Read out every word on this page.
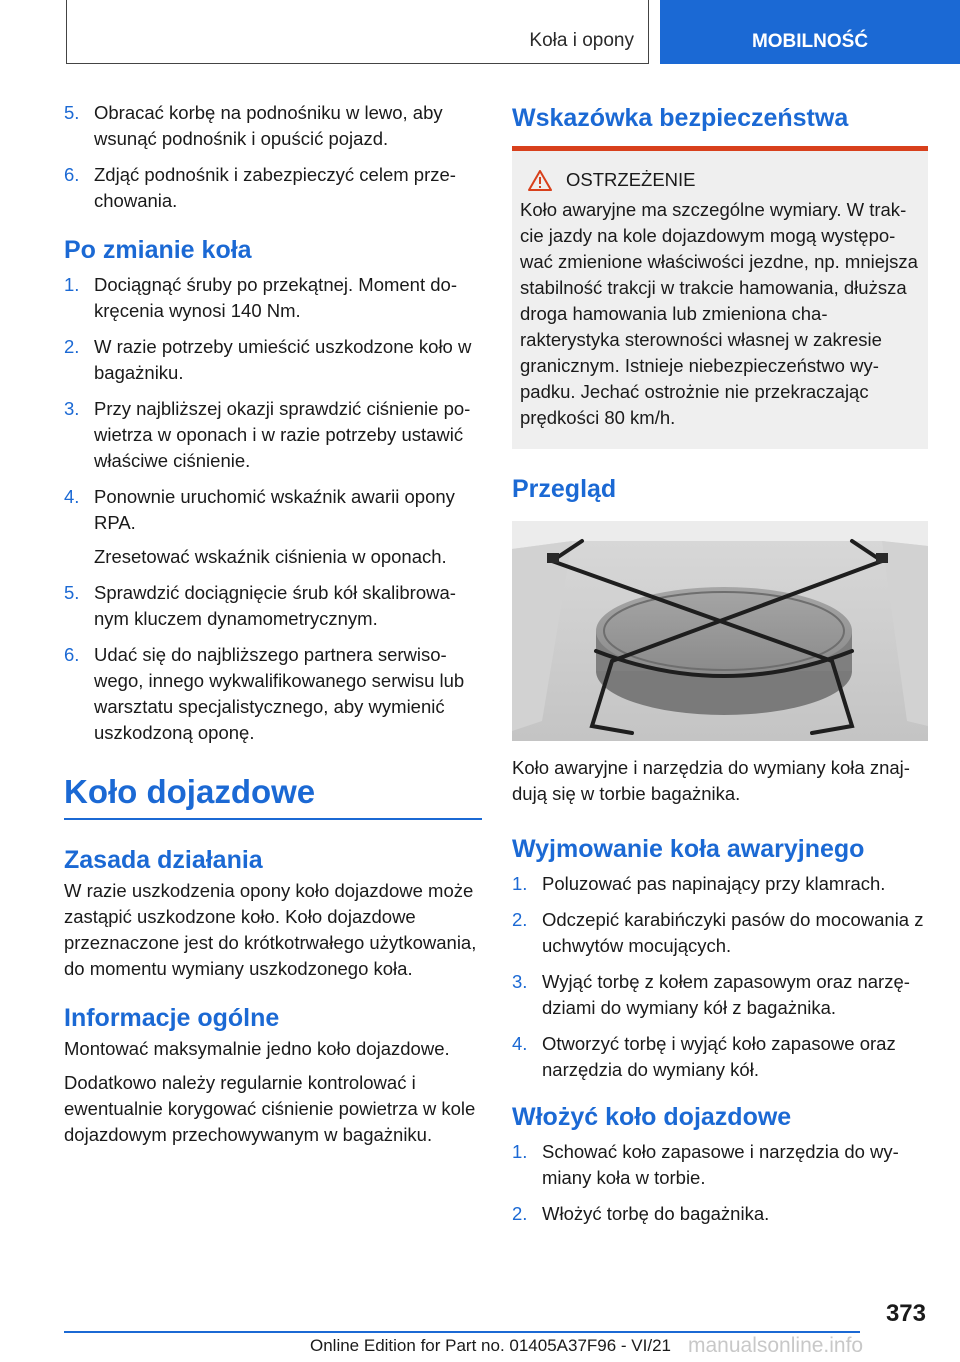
Koła i opony	MOBILNOŚĆ
5. Obracać korbę na podnośniku w lewo, aby wsunąć podnośnik i opuścić pojazd.
6. Zdjąć podnośnik i zabezpieczyć celem przechowania.
Po zmianie koła
1. Dociągnąć śruby po przekątnej. Moment dokręcenia wynosi 140 Nm.
2. W razie potrzeby umieścić uszkodzone koło w bagażniku.
3. Przy najbliższej okazji sprawdzić ciśnienie powietrza w oponach i w razie potrzeby ustawić właściwe ciśnienie.
4. Ponownie uruchomić wskaźnik awarii opony RPA.

Zresetować wskaźnik ciśnienia w oponach.

5. Sprawdzić dociągnięcie śrub kół skalibrowanym kluczem dynamometrycznym.
6. Udać się do najbliższego partnera serwisowego, innego wykwalifikowanego serwisu lub warsztatu specjalistycznego, aby wymienić uszkodzoną oponę.
Koło dojazdowe
Zasada działania

W razie uszkodzenia opony koło dojazdowe może zastąpić uszkodzone koło. Koło dojazdowe przeznaczone jest do krótkotrwałego użytkowania, do momentu wymiany uszkodzonego koła.

Informacje ogólne

Montować maksymalnie jedno koło dojazdowe.

Dodatkowo należy regularnie kontrolować i ewentualnie korygować ciśnienie powietrza w kole dojazdowym przechowywanym w bagażniku.

Wskazówka bezpieczeństwa
OSTRZEŻENIE

Koło awaryjne ma szczególne wymiary. W trakcie jazdy na kole dojazdowym mogą występować zmienione właściwości jezdne, np. mniejsza stabilność trakcji w trakcie hamowania, dłuższa droga hamowania lub zmieniona charakterystyka sterowności własnej w zakresie granicznym. Istnieje niebezpieczeństwo wypadku. Jechać ostrożnie nie przekraczając prędkości 80 km/h.

Przegląd

Koło awaryjne i narzędzia do wymiany koła znajdują się w torbie bagażnika.

Wyjmowanie koła awaryjnego
1. Poluzować pas napinający przy klamrach.
2. Odczepić karabińczyki pasów do mocowania z uchwytów mocujących.
3. Wyjąć torbę z kołem zapasowym oraz narzędziami do wymiany kół z bagażnika.
4. Otworzyć torbę i wyjąć koło zapasowe oraz narzędzia do wymiany kół.
Włożyć koło dojazdowe
1. Schować koło zapasowe i narzędzia do wymiany koła w torbie.
2. Włożyć torbę do bagażnika.
373
Online Edition for Part no. 01405A37F96 - VI/21 manualsonline.info
